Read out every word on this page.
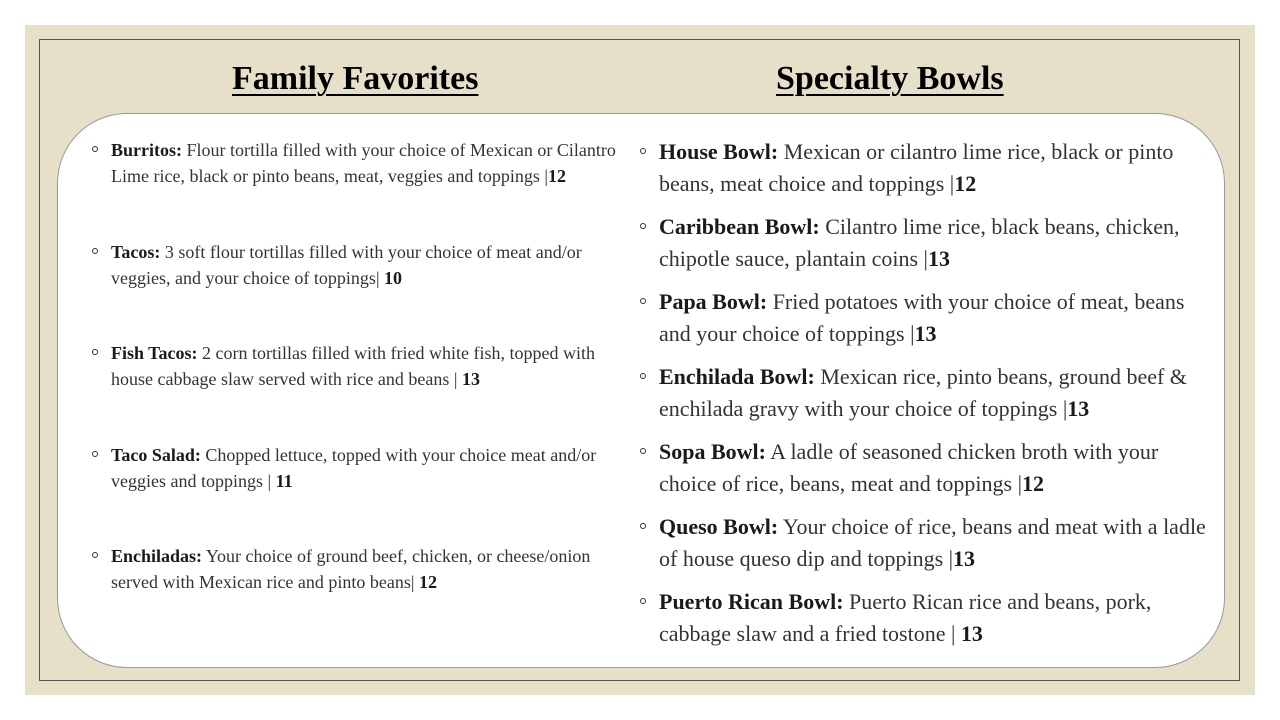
Family Favorites	Specialty Bowls
Burritos: Flour tortilla filled with your choice of Mexican or Cilantro Lime rice, black or pinto beans, meat, veggies and toppings |12
Tacos: 3 soft flour tortillas filled with your choice of meat and/or veggies, and your choice of toppings| 10
Fish Tacos: 2 corn tortillas filled with fried white fish, topped with house cabbage slaw served with rice and beans | 13
Taco Salad: Chopped lettuce, topped with your choice meat and/or veggies and toppings | 11
Enchiladas: Your choice of ground beef, chicken, or cheese/onion served with Mexican rice and pinto beans| 12
House Bowl: Mexican or cilantro lime rice, black or pinto beans, meat choice and toppings |12
Caribbean Bowl: Cilantro lime rice, black beans, chicken, chipotle sauce, plantain coins |13
Papa Bowl: Fried potatoes with your choice of meat, beans and your choice of toppings |13
Enchilada Bowl: Mexican rice, pinto beans, ground beef & enchilada gravy with your choice of toppings |13
Sopa Bowl: A ladle of seasoned chicken broth with your choice of rice, beans, meat and toppings |12
Queso Bowl: Your choice of rice, beans and meat with a ladle of house queso dip and toppings |13
Puerto Rican Bowl: Puerto Rican rice and beans, pork, cabbage slaw and a fried tostone | 13
